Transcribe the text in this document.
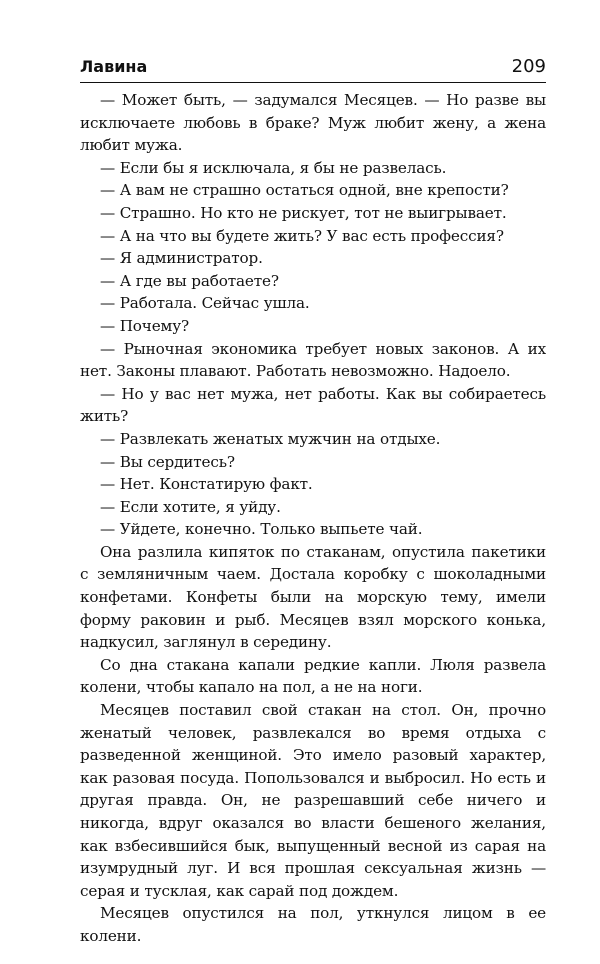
Лавина	209

— Может быть, — задумался Месяцев. — Но разве вы исключаете любовь в браке? Муж любит жену, а жена любит мужа.

— Если бы я исключала, я бы не развелась.

— А вам не страшно остаться одной, вне крепости?

— Страшно. Но кто не рискует, тот не выигрывает.

— А на что вы будете жить? У вас есть профессия?

— Я администратор.

— А где вы работаете?

— Работала. Сейчас ушла.

— Почему?

— Рыночная экономика требует новых законов. А их нет. Законы плавают. Работать невозможно. Надоело.

— Но у вас нет мужа, нет работы. Как вы собираетесь жить?

— Развлекать женатых мужчин на отдыхе.

— Вы сердитесь?

— Нет. Констатирую факт.

— Если хотите, я уйду.

— Уйдете, конечно. Только выпьете чай.

Она разлила кипяток по стаканам, опустила пакетики с земляничным чаем. Достала коробку с шоколадными конфетами. Конфеты были на морскую тему, имели форму раковин и рыб. Месяцев взял морского конька, надкусил, заглянул в середину.

Со дна стакана капали редкие капли. Люля развела колени, чтобы капало на пол, а не на ноги.

Месяцев поставил свой стакан на стол. Он, прочно женатый человек, развлекался во время отдыха с разведенной женщиной. Это имело разовый характер, как разовая посуда. Попользовался и выбросил. Но есть и другая правда. Он, не разрешавший себе ничего и никогда, вдруг оказался во власти бешеного желания, как взбесившийся бык, выпущенный весной из сарая на изумрудный луг. И вся прошлая сексуальная жизнь — серая и тусклая, как сарай под дождем.

Месяцев опустился на пол, уткнулся лицом в ее колени.
